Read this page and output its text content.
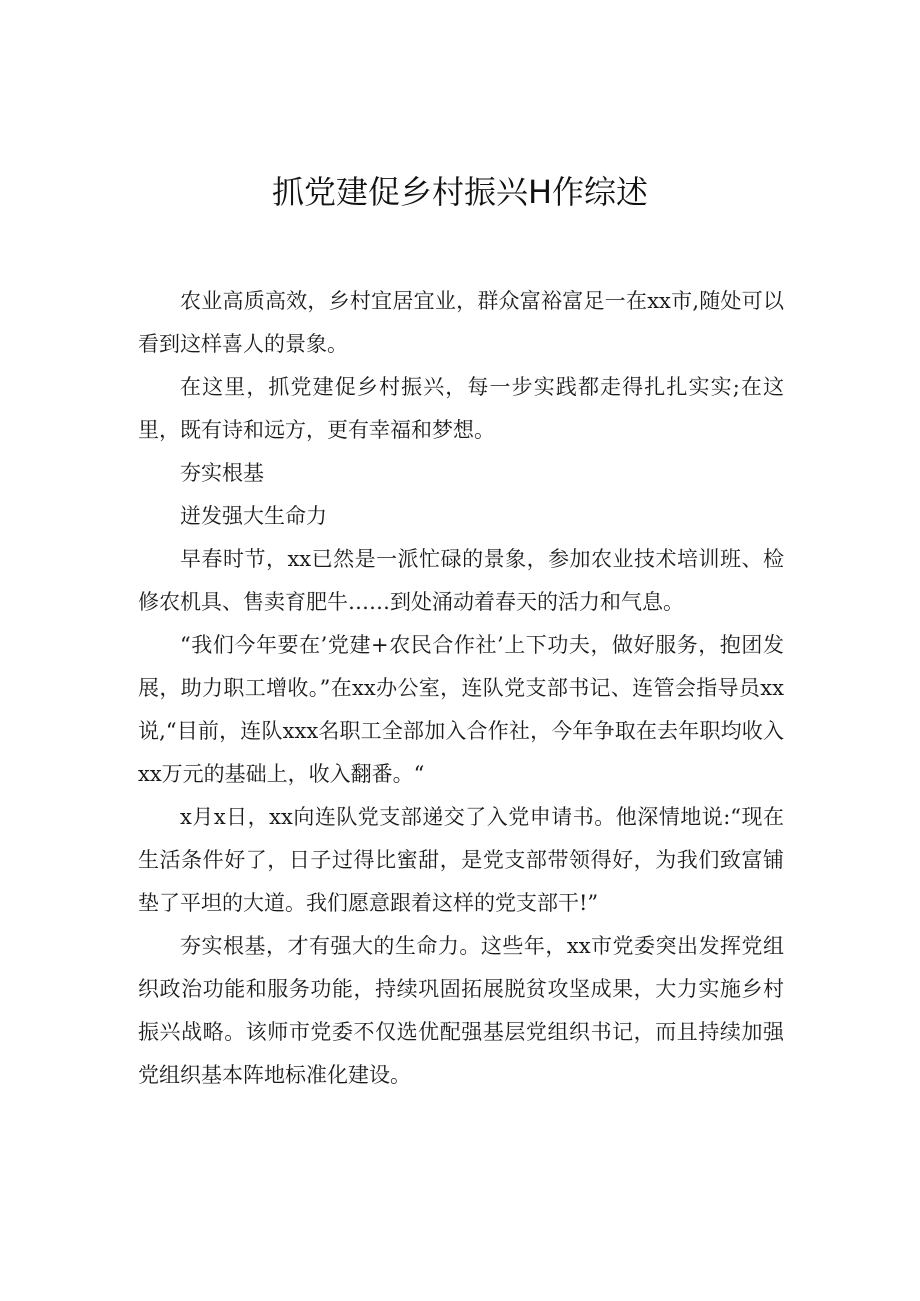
抓党建促乡村振兴H作综述

农业高质高效，乡村宜居宜业，群众富裕富足一在xx市,随处可以看到这样喜人的景象。

在这里，抓党建促乡村振兴，每一步实践都走得扎扎实实;在这里，既有诗和远方，更有幸福和梦想。

夯实根基

迸发强大生命力

早春时节，xx已然是一派忙碌的景象，参加农业技术培训班、检修农机具、售卖育肥牛……到处涌动着春天的活力和气息。

“我们今年要在’党建+农民合作社’上下功夫，做好服务，抱团发展，助力职工增收。”在xx办公室，连队党支部书记、连管会指导员xx说,“目前，连队xxx名职工全部加入合作社，今年争取在去年职均收入xx万元的基础上，收入翻番。“

x月x日，xx向连队党支部递交了入党申请书。他深情地说:“现在生活条件好了，日子过得比蜜甜，是党支部带领得好，为我们致富铺垫了平坦的大道。我们愿意跟着这样的党支部干!”

夯实根基，才有强大的生命力。这些年，xx市党委突出发挥党组织政治功能和服务功能，持续巩固拓展脱贫攻坚成果，大力实施乡村振兴战略。该师市党委不仅选优配强基层党组织书记，而且持续加强党组织基本阵地标准化建设。
